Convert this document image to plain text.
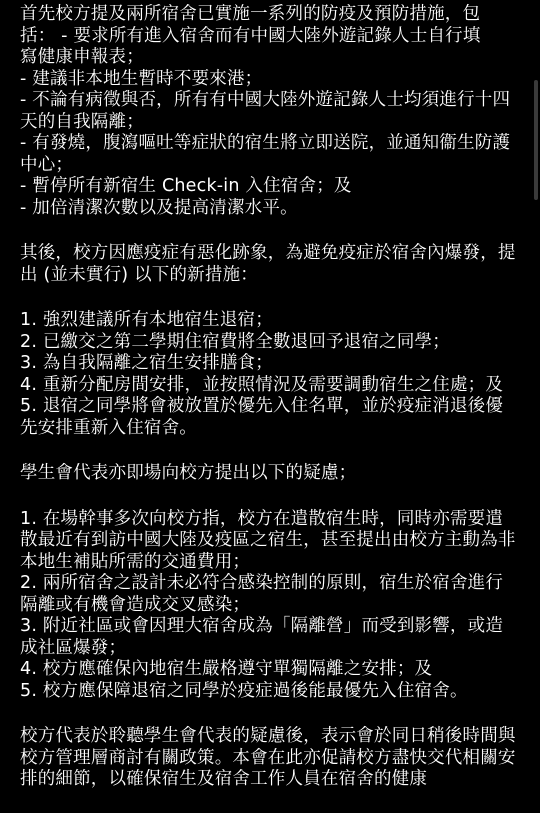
首先校方提及兩所宿舍已實施一系列的防疫及預防措施，包
括： - 要求所有進入宿舍而有中國大陸外遊記錄人士自行填
寫健康申報表；

- 建議非本地生暫時不要來港；

- 不論有病徵與否，所有有中國大陸外遊記錄人士均須進行十四天的自我隔離；

- 有發燒，腹瀉嘔吐等症狀的宿生將立即送院，並通知衞生防護中心；

- 暫停所有新宿生 Check-in 入住宿舍；及

- 加倍清潔次數以及提高清潔水平。

其後，校方因應疫症有惡化跡象，為避免疫症於宿舍內爆發，提出 (並未實行) 以下的新措施：

1. 強烈建議所有本地宿生退宿；

2. 已繳交之第二學期住宿費將全數退回予退宿之同學；

3. 為自我隔離之宿生安排膳食；

4. 重新分配房間安排，並按照情況及需要調動宿生之住處；及

5. 退宿之同學將會被放置於優先入住名單，並於疫症消退後優先安排重新入住宿舍。

學生會代表亦即場向校方提出以下的疑慮；

1. 在場幹事多次向校方指，校方在遣散宿生時，同時亦需要遣散最近有到訪中國大陸及疫區之宿生，甚至提出由校方主動為非本地生補貼所需的交通費用；

2. 兩所宿舍之設計未必符合感染控制的原則，宿生於宿舍進行隔離或有機會造成交叉感染；

3. 附近社區或會因理大宿舍成為「隔離營」而受到影響，或造成社區爆發；

4. 校方應確保內地宿生嚴格遵守單獨隔離之安排；及

5. 校方應保障退宿之同學於疫症過後能最優先入住宿舍。

校方代表於聆聽學生會代表的疑慮後，表示會於同日稍後時間與校方管理層商討有關政策。本會在此亦促請校方盡快交代相關安排的細節，以確保宿生及宿舍工作人員在宿舍的健康
